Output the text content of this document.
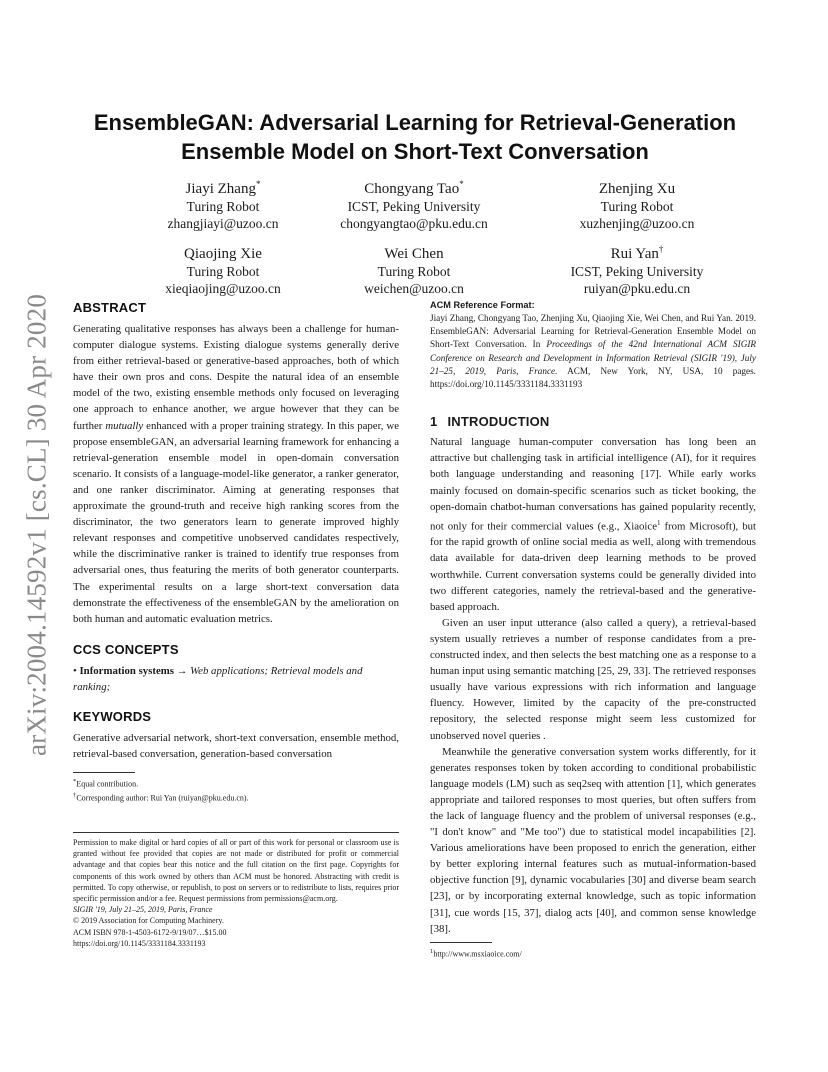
arXiv:2004.14592v1 [cs.CL] 30 Apr 2020
EnsembleGAN: Adversarial Learning for Retrieval-Generation
Ensemble Model on Short-Text Conversation
Jiayi Zhang*
Turing Robot
zhangjiayi@uzoo.cn
Chongyang Tao*
ICST, Peking University
chongyangtao@pku.edu.cn
Zhenjing Xu
Turing Robot
xuzhenjing@uzoo.cn
Qiaojing Xie
Turing Robot
xieqiaojing@uzoo.cn
Wei Chen
Turing Robot
weichen@uzoo.cn
Rui Yan†
ICST, Peking University
ruiyan@pku.edu.cn
ABSTRACT

Generating qualitative responses has always been a challenge for human-computer dialogue systems. Existing dialogue systems generally derive from either retrieval-based or generative-based approaches, both of which have their own pros and cons. Despite the natural idea of an ensemble model of the two, existing ensemble methods only focused on leveraging one approach to enhance another, we argue however that they can be further mutually enhanced with a proper training strategy. In this paper, we propose ensembleGAN, an adversarial learning framework for enhancing a retrieval-generation ensemble model in open-domain conversation scenario. It consists of a language-model-like generator, a ranker generator, and one ranker discriminator. Aiming at generating responses that approximate the ground-truth and receive high ranking scores from the discriminator, the two generators learn to generate improved highly relevant responses and competitive unobserved candidates respectively, while the discriminative ranker is trained to identify true responses from adversarial ones, thus featuring the merits of both generator counterparts. The experimental results on a large short-text conversation data demonstrate the effectiveness of the ensembleGAN by the amelioration on both human and automatic evaluation metrics.

CCS CONCEPTS

• Information systems → Web applications; Retrieval models and ranking;

KEYWORDS

Generative adversarial network, short-text conversation, ensemble method, retrieval-based conversation, generation-based conversation

*Equal contribution.

†Corresponding author: Rui Yan (ruiyan@pku.edu.cn).

Permission to make digital or hard copies of all or part of this work for personal or classroom use is granted without fee provided that copies are not made or distributed for profit or commercial advantage and that copies bear this notice and the full citation on the first page. Copyrights for components of this work owned by others than ACM must be honored. Abstracting with credit is permitted. To copy otherwise, or republish, to post on servers or to redistribute to lists, requires prior specific permission and/or a fee. Request permissions from permissions@acm.org.

SIGIR '19, July 21–25, 2019, Paris, France

© 2019 Association for Computing Machinery.

ACM ISBN 978-1-4503-6172-9/19/07…$15.00

https://doi.org/10.1145/3331184.3331193

ACM Reference Format:

Jiayi Zhang, Chongyang Tao, Zhenjing Xu, Qiaojing Xie, Wei Chen, and Rui Yan. 2019. EnsembleGAN: Adversarial Learning for Retrieval-Generation Ensemble Model on Short-Text Conversation. In Proceedings of the 42nd International ACM SIGIR Conference on Research and Development in Information Retrieval (SIGIR '19), July 21–25, 2019, Paris, France. ACM, New York, NY, USA, 10 pages. https://doi.org/10.1145/3331184.3331193

1 INTRODUCTION

Natural language human-computer conversation has long been an attractive but challenging task in artificial intelligence (AI), for it requires both language understanding and reasoning [17]. While early works mainly focused on domain-specific scenarios such as ticket booking, the open-domain chatbot-human conversations has gained popularity recently, not only for their commercial values (e.g., Xiaoice$^1$ from Microsoft), but for the rapid growth of online social media as well, along with tremendous data available for data-driven deep learning methods to be proved worthwhile. Current conversation systems could be generally divided into two different categories, namely the retrieval-based and the generative-based approach.

Given an user input utterance (also called a query), a retrieval-based system usually retrieves a number of response candidates from a pre-constructed index, and then selects the best matching one as a response to a human input using semantic matching [25, 29, 33]. The retrieved responses usually have various expressions with rich information and language fluency. However, limited by the capacity of the pre-constructed repository, the selected response might seem less customized for unobserved novel queries .

Meanwhile the generative conversation system works differently, for it generates responses token by token according to conditional probabilistic language models (LM) such as seq2seq with attention [1], which generates appropriate and tailored responses to most queries, but often suffers from the lack of language fluency and the problem of universal responses (e.g., "I don't know" and "Me too") due to statistical model incapabilities [2]. Various ameliorations have been proposed to enrich the generation, either by better exploring internal features such as mutual-information-based objective function [9], dynamic vocabularies [30] and diverse beam search [23], or by incorporating external knowledge, such as topic information [31], cue words [15, 37], dialog acts [40], and common sense knowledge [38].

$^1$http://www.msxiaoice.com/
